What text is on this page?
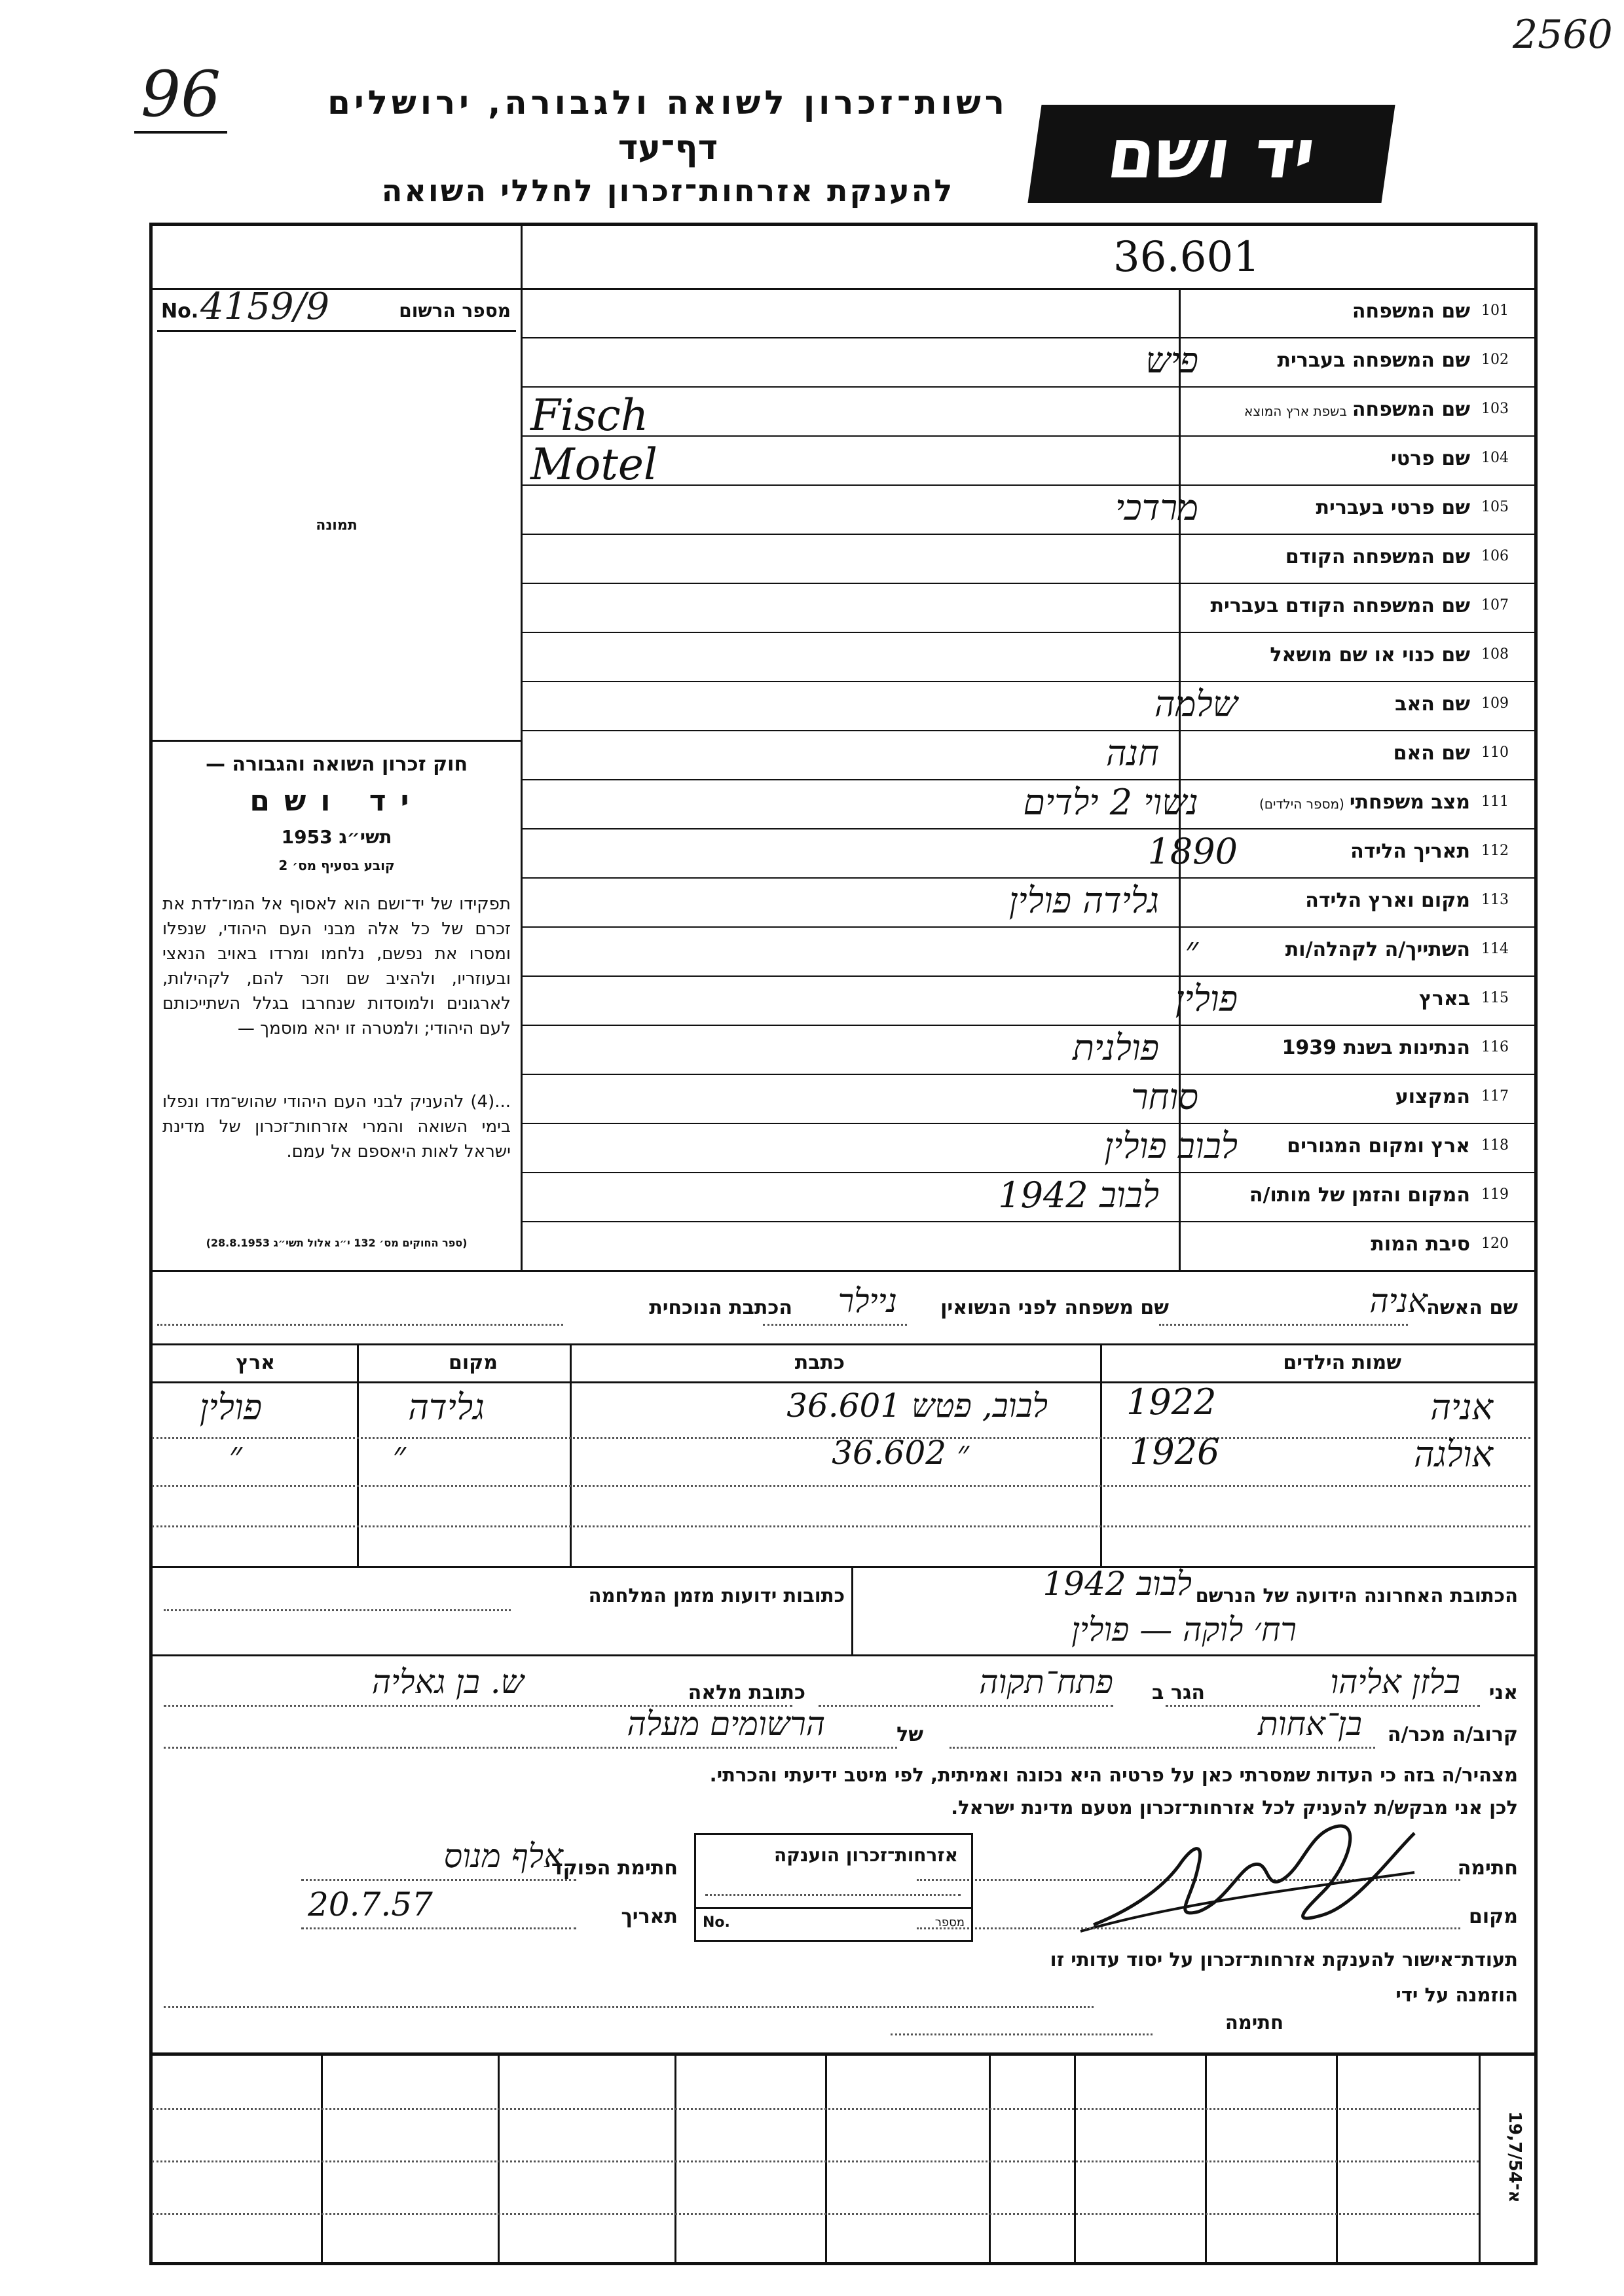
2560
96
יד ושם
רשות־זכרון לשואה ולגבורה, ירושלים
דף־עד
להענקת אזרחות־זכרון לחללי השואה
36.601
No. 4159/9	מספר הרשום
תמונה
101
שם המשפחה
102
שם המשפחה בעברית
פיש
103
שם המשפחהבשפת ארץ המוצא
Fisch
104
שם פרטי
Motel
105
שם פרטי בעברית
מרדכי
106
שם המשפחה הקודם
107
שם המשפחה הקודם בעברית
108
שם כנוי או שם מושאל
109
שם האב
שלמה
110
שם האם
חנה
111
מצב משפחתי(מספר הילדים)
נשוי 2 ילדים
112
תאריך הלידה
1890
113
מקום וארץ הלידה
גלידה פולין
114
השתייך/ה לקהלה/ות
״
115
בארץ
פולין
116
הנתינות בשנת 1939
פולנית
117
המקצוע
סוחר
118
ארץ ומקום המגורים
לבוב פולין
119
המקום והזמן של מותו/ה
לבוב 1942
120
סיבת המות
חוק זכרון השואה והגבורה —
יד ושם
תשי״ג 1953
קובע בסעיף מס׳ 2
תפקידו של יד־ושם הוא לאסוף אל המו־לדת את זכרם של כל אלה מבני העם היהודי, שנפלו ומסרו את נפשם, נלחמו ומרדו באויב הנאצי ובעוזריו, ולהציב שם וזכר להם, לקהילות, לארגונים ולמוסדות שנחרבו בגלל השתייכותם לעם היהודי; ולמטרה זו יהא מוסמך —
...(4) להעניק לבני העם היהודי שהוש־מדו ונפלו בימי השואה והמרי אזרחות־זכרון של מדינת ישראל לאות היאספם אל עמם.
(ספר החוקים מס׳ 132 י״ג אלול תשי״ג 28.8.1953)
שם האשה
אניה
שם משפחה לפני הנשואין
ניילר
הכתבת הנוכחית
שמות הילדים
כתבת
מקום
ארץ
אניה
1922
לבוב, פטש 36.601
גלידה
פולין
אולגה
1926
״ 36.602
״
״
הכתובת האחרונה הידועה של הנרשם
לבוב 1942
רח׳ לוקה — פולין
כתובות ידועות מזמן המלחמה
אני
בלזן אליהו
הגר ב
פתח־תקוה
כתובת מלאה
ש. בן גאליה
קרוב/ה מכר/ה
בן־אחות
של
הרשומים מעלה
מצהיר/ה בזה כי העדות שמסרתי כאן על פרטיה היא נכונה ואמיתית, לפי מיטב ידיעתי והכרתי.
לכן אני מבקש/ת להעניק לכל אזרחות־זכרון מטעם מדינת ישראל.
חתימה
מקום
אזרחות־זכרון הוענקה
No.	מספר
חתימת הפוקד
אלף מנוס
תאריך
20.7.57
תעודת־אישור להענקת אזרחות־זכרון על יסוד עדותי זו
הוזמנה על ידי
חתימה
א־19,7/54
